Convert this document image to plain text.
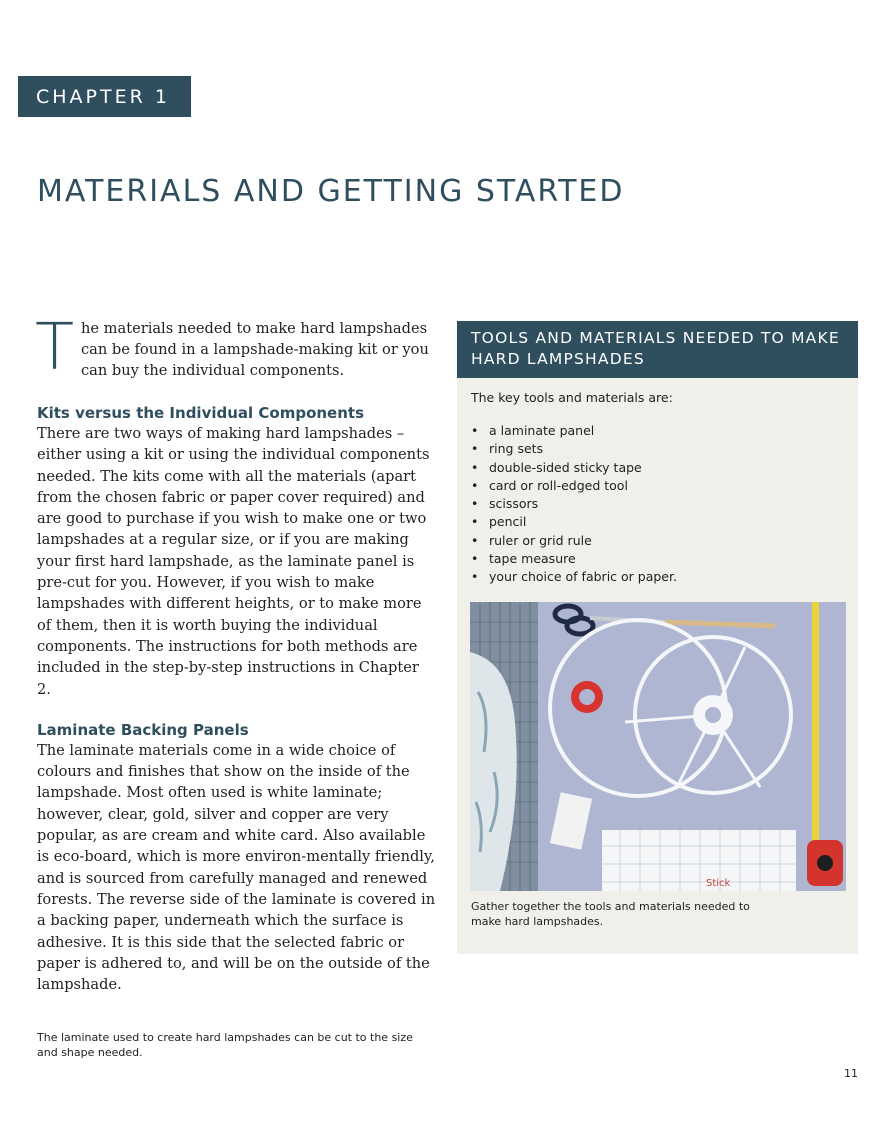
CHAPTER 1
MATERIALS AND GETTING STARTED

T he materials needed to make hard lampshades can be found in a lampshade-making kit or you can buy the individual components.

Kits versus the Individual Components

There are two ways of making hard lampshades – either using a kit or using the individual components needed. The kits come with all the materials (apart from the chosen fabric or paper cover required) and are good to purchase if you wish to make one or two lampshades at a regular size, or if you are making your first hard lampshade, as the laminate panel is pre-cut for you. However, if you wish to make lampshades with different heights, or to make more of them, then it is worth buying the individual components. The instructions for both methods are included in the step-by-step instructions in Chapter 2.

Laminate Backing Panels

The laminate materials come in a wide choice of colours and finishes that show on the inside of the lampshade. Most often used is white laminate; however, clear, gold, silver and copper are very popular, as are cream and white card. Also available is eco-board, which is more environ-mentally friendly, and is sourced from carefully managed and renewed forests. The reverse side of the laminate is covered in a backing paper, underneath which the surface is adhesive. It is this side that the selected fabric or paper is adhered to, and will be on the outside of the lampshade.

TOOLS AND MATERIALS NEEDED TO MAKE HARD LAMPSHADES

The key tools and materials are:

• a laminate panel
• ring sets
• double-sided sticky tape
• card or roll-edged tool
• scissors
• pencil
• ruler or grid rule
• tape measure
• your choice of fabric or paper.
Stick

Gather together the tools and materials needed to make hard lampshades.

The laminate used to create hard lampshades can be cut to the size and shape needed.

11
